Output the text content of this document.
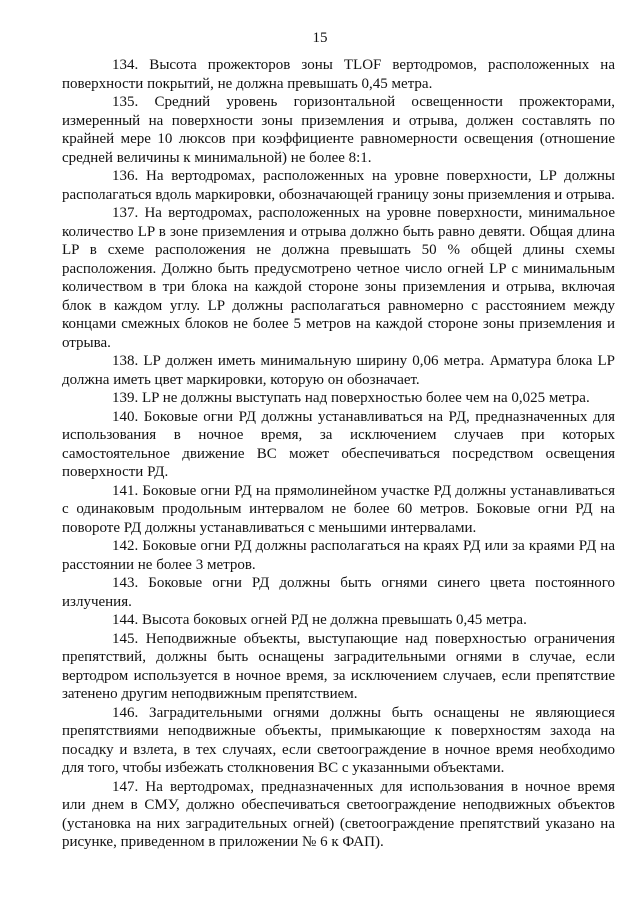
15

134. Высота прожекторов зоны TLOF вертодромов, расположенных на поверхности покрытий, не должна превышать 0,45 метра.

135. Средний уровень горизонтальной освещенности прожекторами, измеренный на поверхности зоны приземления и отрыва, должен составлять по крайней мере 10 люксов при коэффициенте равномерности освещения (отношение средней величины к минимальной) не более 8:1.

136. На вертодромах, расположенных на уровне поверхности, LP должны располагаться вдоль маркировки, обозначающей границу зоны приземления и отрыва.

137. На вертодромах, расположенных на уровне поверхности, минимальное количество LP в зоне приземления и отрыва должно быть равно девяти. Общая длина LP в схеме расположения не должна превышать 50 % общей длины схемы расположения. Должно быть предусмотрено четное число огней LP с минимальным количеством в три блока на каждой стороне зоны приземления и отрыва, включая блок в каждом углу. LP должны располагаться равномерно с расстоянием между концами смежных блоков не более 5 метров на каждой стороне зоны приземления и отрыва.

138. LP должен иметь минимальную ширину 0,06 метра. Арматура блока LP должна иметь цвет маркировки, которую он обозначает.

139. LP не должны выступать над поверхностью более чем на 0,025 метра.

140. Боковые огни РД должны устанавливаться на РД, предназначенных для использования в ночное время, за исключением случаев при которых самостоятельное движение ВС может обеспечиваться посредством освещения поверхности РД.

141. Боковые огни РД на прямолинейном участке РД должны устанавливаться с одинаковым продольным интервалом не более 60 метров. Боковые огни РД на повороте РД должны устанавливаться с меньшими интервалами.

142. Боковые огни РД должны располагаться на краях РД или за краями РД на расстоянии не более 3 метров.

143. Боковые огни РД должны быть огнями синего цвета постоянного излучения.

144. Высота боковых огней РД не должна превышать 0,45 метра.

145. Неподвижные объекты, выступающие над поверхностью ограничения препятствий, должны быть оснащены заградительными огнями в случае, если вертодром используется в ночное время, за исключением случаев, если препятствие затенено другим неподвижным препятствием.

146. Заградительными огнями должны быть оснащены не являющиеся препятствиями неподвижные объекты, примыкающие к поверхностям захода на посадку и взлета, в тех случаях, если светоограждение в ночное время необходимо для того, чтобы избежать столкновения ВС с указанными объектами.

147. На вертодромах, предназначенных для использования в ночное время или днем в СМУ, должно обеспечиваться светоограждение неподвижных объектов (установка на них заградительных огней) (светоограждение препятствий указано на рисунке, приведенном в приложении № 6 к ФАП).
